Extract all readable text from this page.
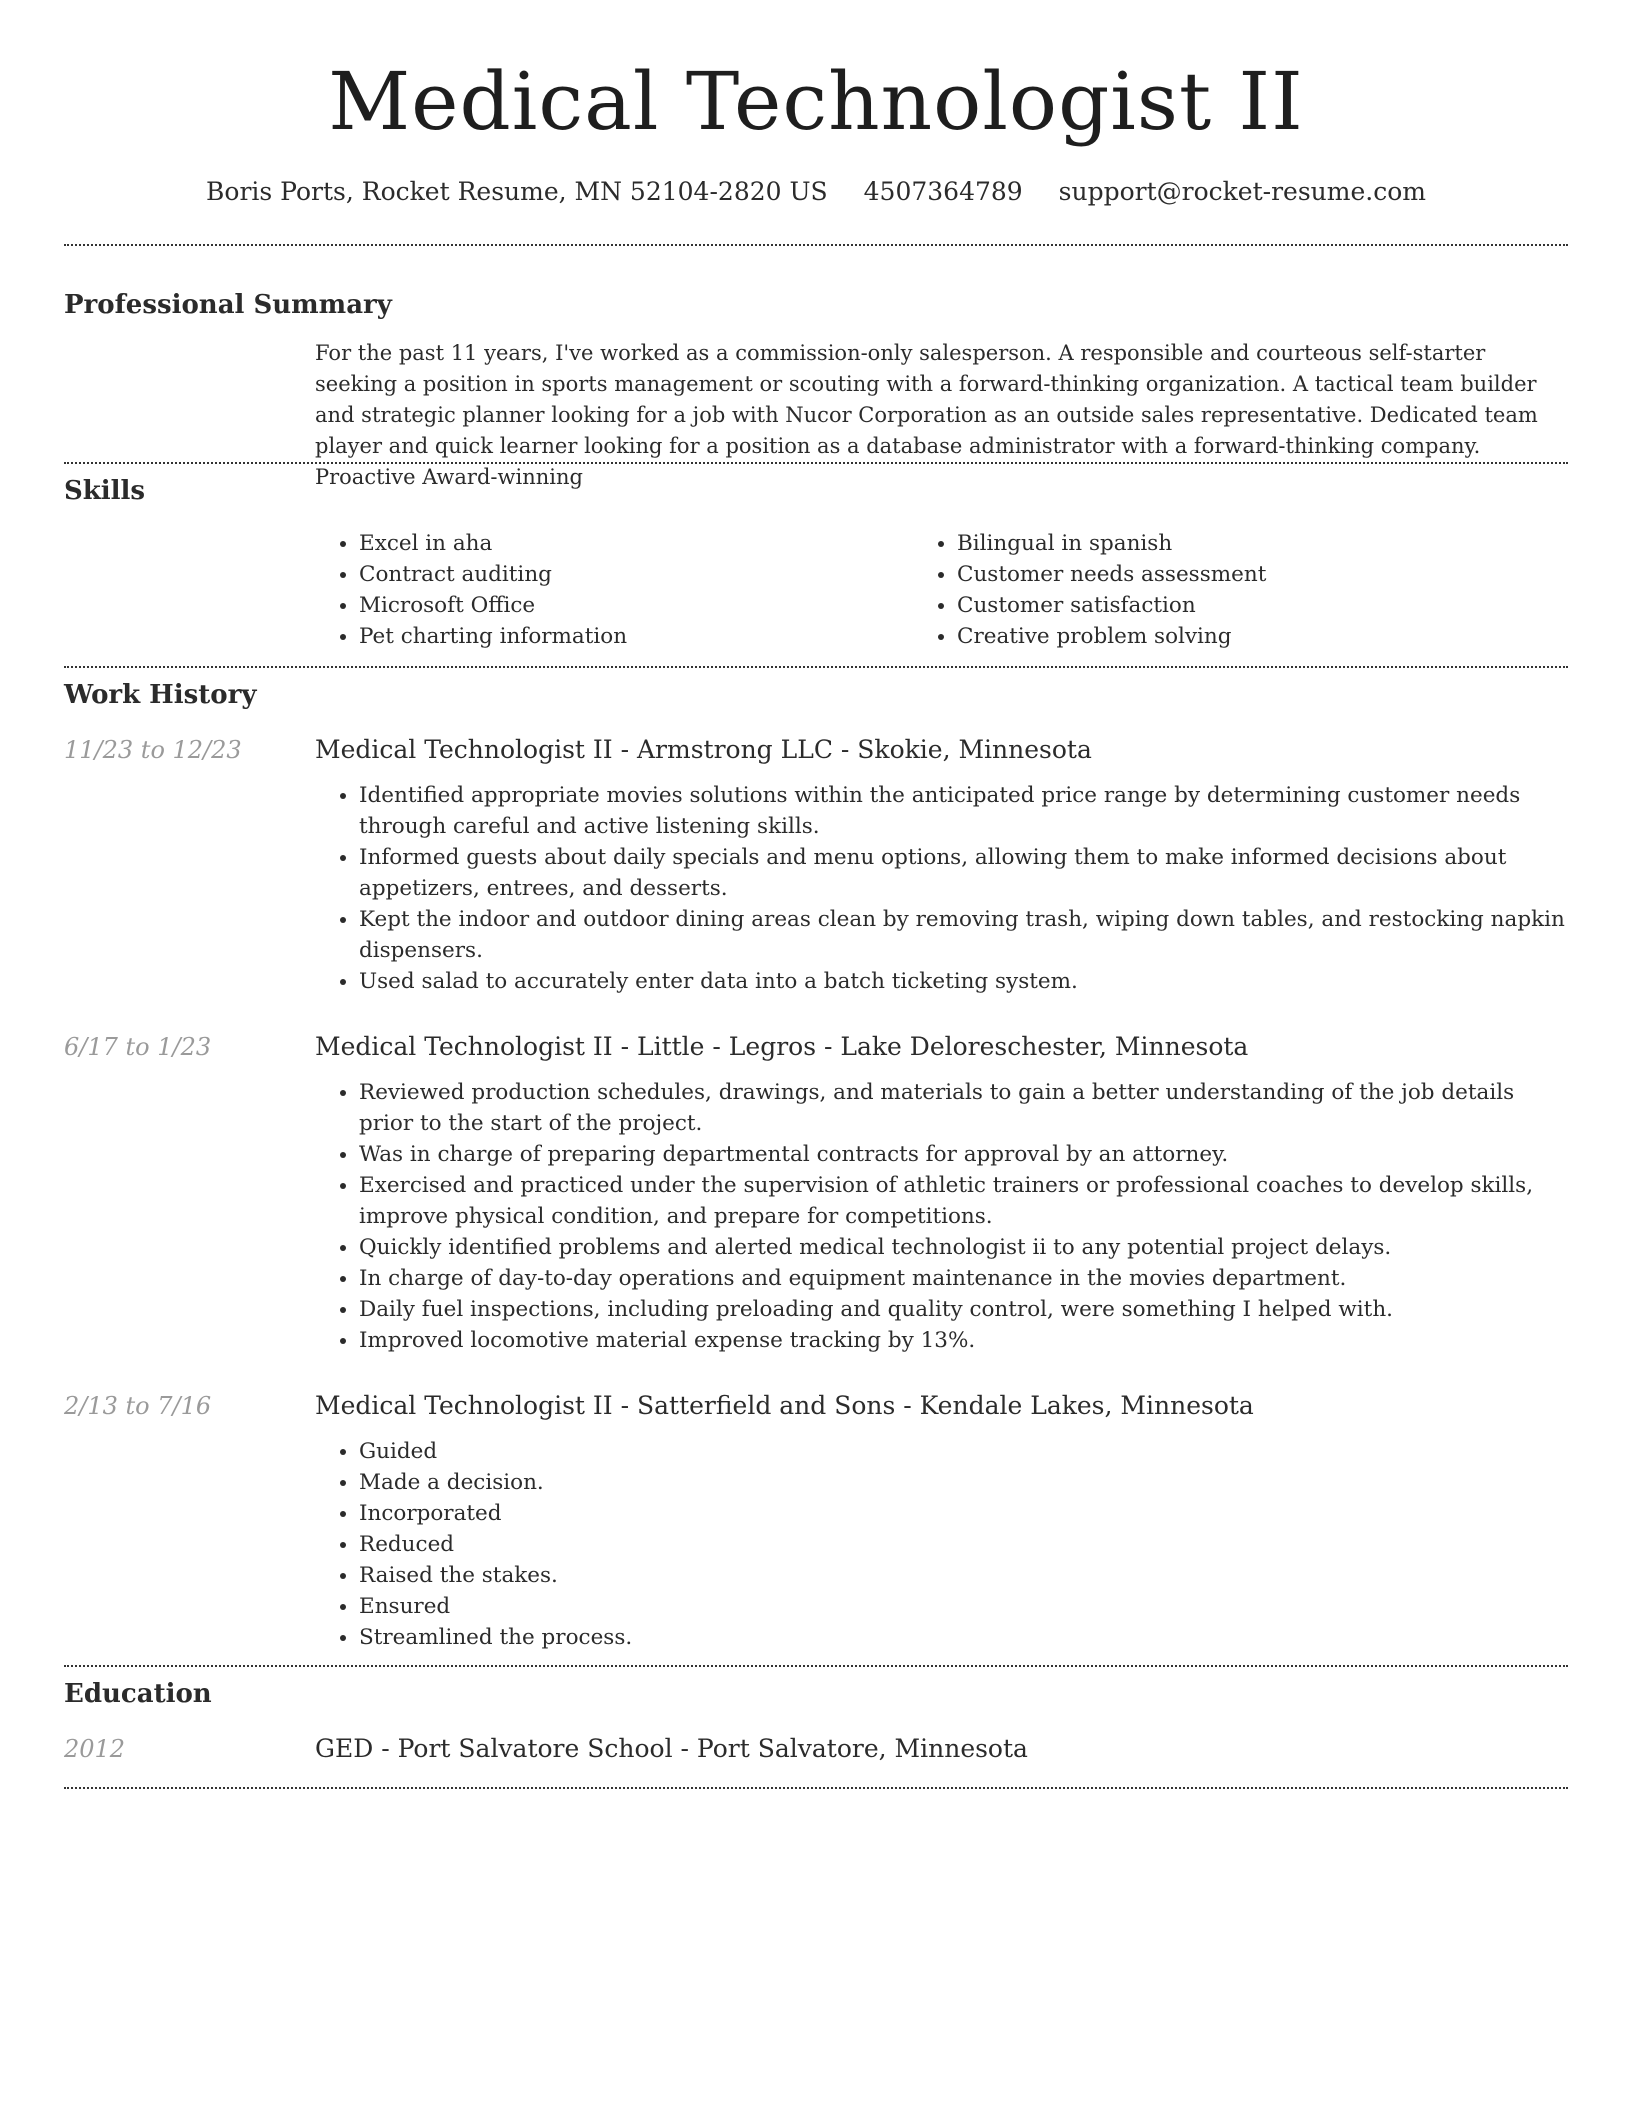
Medical Technologist II
Boris Ports, Rocket Resume, MN 52104-2820 US 4507364789 support@rocket-resume.com
Professional Summary
For the past 11 years, I've worked as a commission-only salesperson. A responsible and courteous self-starter seeking a position in sports management or scouting with a forward-thinking organization. A tactical team builder and strategic planner looking for a job with Nucor Corporation as an outside sales representative. Dedicated team player and quick learner looking for a position as a database administrator with a forward-thinking company. Proactive Award-winning
Skills
• Excel in aha
• Contract auditing
• Microsoft Office
• Pet charting information
• Bilingual in spanish
• Customer needs assessment
• Customer satisfaction
• Creative problem solving
Work History
11/23 to 12/23	Medical Technologist II - Armstrong LLC - Skokie, Minnesota
• Identified appropriate movies solutions within the anticipated price range by determining customer needs through careful and active listening skills.
• Informed guests about daily specials and menu options, allowing them to make informed decisions about appetizers, entrees, and desserts.
• Kept the indoor and outdoor dining areas clean by removing trash, wiping down tables, and restocking napkin dispensers.
• Used salad to accurately enter data into a batch ticketing system.
6/17 to 1/23	Medical Technologist II - Little - Legros - Lake Deloreschester, Minnesota
• Reviewed production schedules, drawings, and materials to gain a better understanding of the job details prior to the start of the project.
• Was in charge of preparing departmental contracts for approval by an attorney.
• Exercised and practiced under the supervision of athletic trainers or professional coaches to develop skills, improve physical condition, and prepare for competitions.
• Quickly identified problems and alerted medical technologist ii to any potential project delays.
• In charge of day-to-day operations and equipment maintenance in the movies department.
• Daily fuel inspections, including preloading and quality control, were something I helped with.
• Improved locomotive material expense tracking by 13%.
2/13 to 7/16	Medical Technologist II - Satterfield and Sons - Kendale Lakes, Minnesota
• Guided
• Made a decision.
• Incorporated
• Reduced
• Raised the stakes.
• Ensured
• Streamlined the process.
Education
2012	GED - Port Salvatore School - Port Salvatore, Minnesota
